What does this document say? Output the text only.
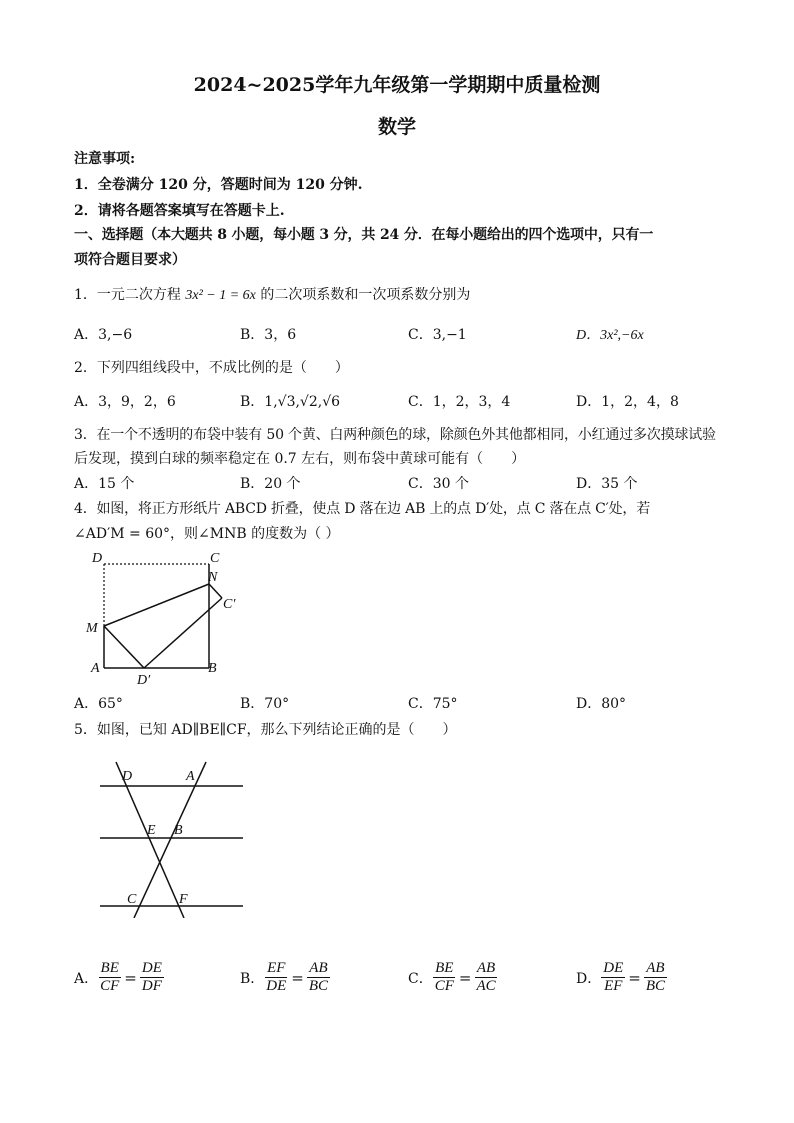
2024~2025学年九年级第一学期期中质量检测
数学
注意事项:
1．全卷满分 120 分，答题时间为 120 分钟.
2．请将各题答案填写在答题卡上.
一、选择题（本大题共 8 小题，每小题 3 分，共 24 分．在每小题给出的四个选项中，只有一
项符合题目要求）
1．一元二次方程 3x² − 1 = 6x 的二次项系数和一次项系数分别为
A．3,−6	B．3，6	C．3,−1	D．3x²,−6x
2．下列四组线段中，不成比例的是（　　）
A．3，9，2，6	B．1,√3,√2,√6	C．1，2，3，4	D．1，2，4，8
3．在一个不透明的布袋中装有 50 个黄、白两种颜色的球，除颜色外其他都相同，小红通过多次摸球试验
后发现，摸到白球的频率稳定在 0.7 左右，则布袋中黄球可能有（　　）
A．15 个	B．20 个	C．30 个	D．35 个
4．如图，将正方形纸片 ABCD 折叠，使点 D 落在边 AB 上的点 D′处，点 C 落在点 C′处，若
∠AD′M = 60°，则∠MNB 的度数为（ ）
D	C
N
C′
M
A
D′
B
A．65°	B．70°	C．75°	D．80°
5．如图，已知 AD∥BE∥CF，那么下列结论正确的是（　　）
D	A
E B
C	F
A． $\frac{BE}{CF} = \frac{DE}{DF}$	B． $\frac{EF}{DE} = \frac{AB}{BC}$	C． $\frac{BE}{CF} = \frac{AB}{AC}$	D． $\frac{DE}{EF} = \frac{AB}{BC}$
